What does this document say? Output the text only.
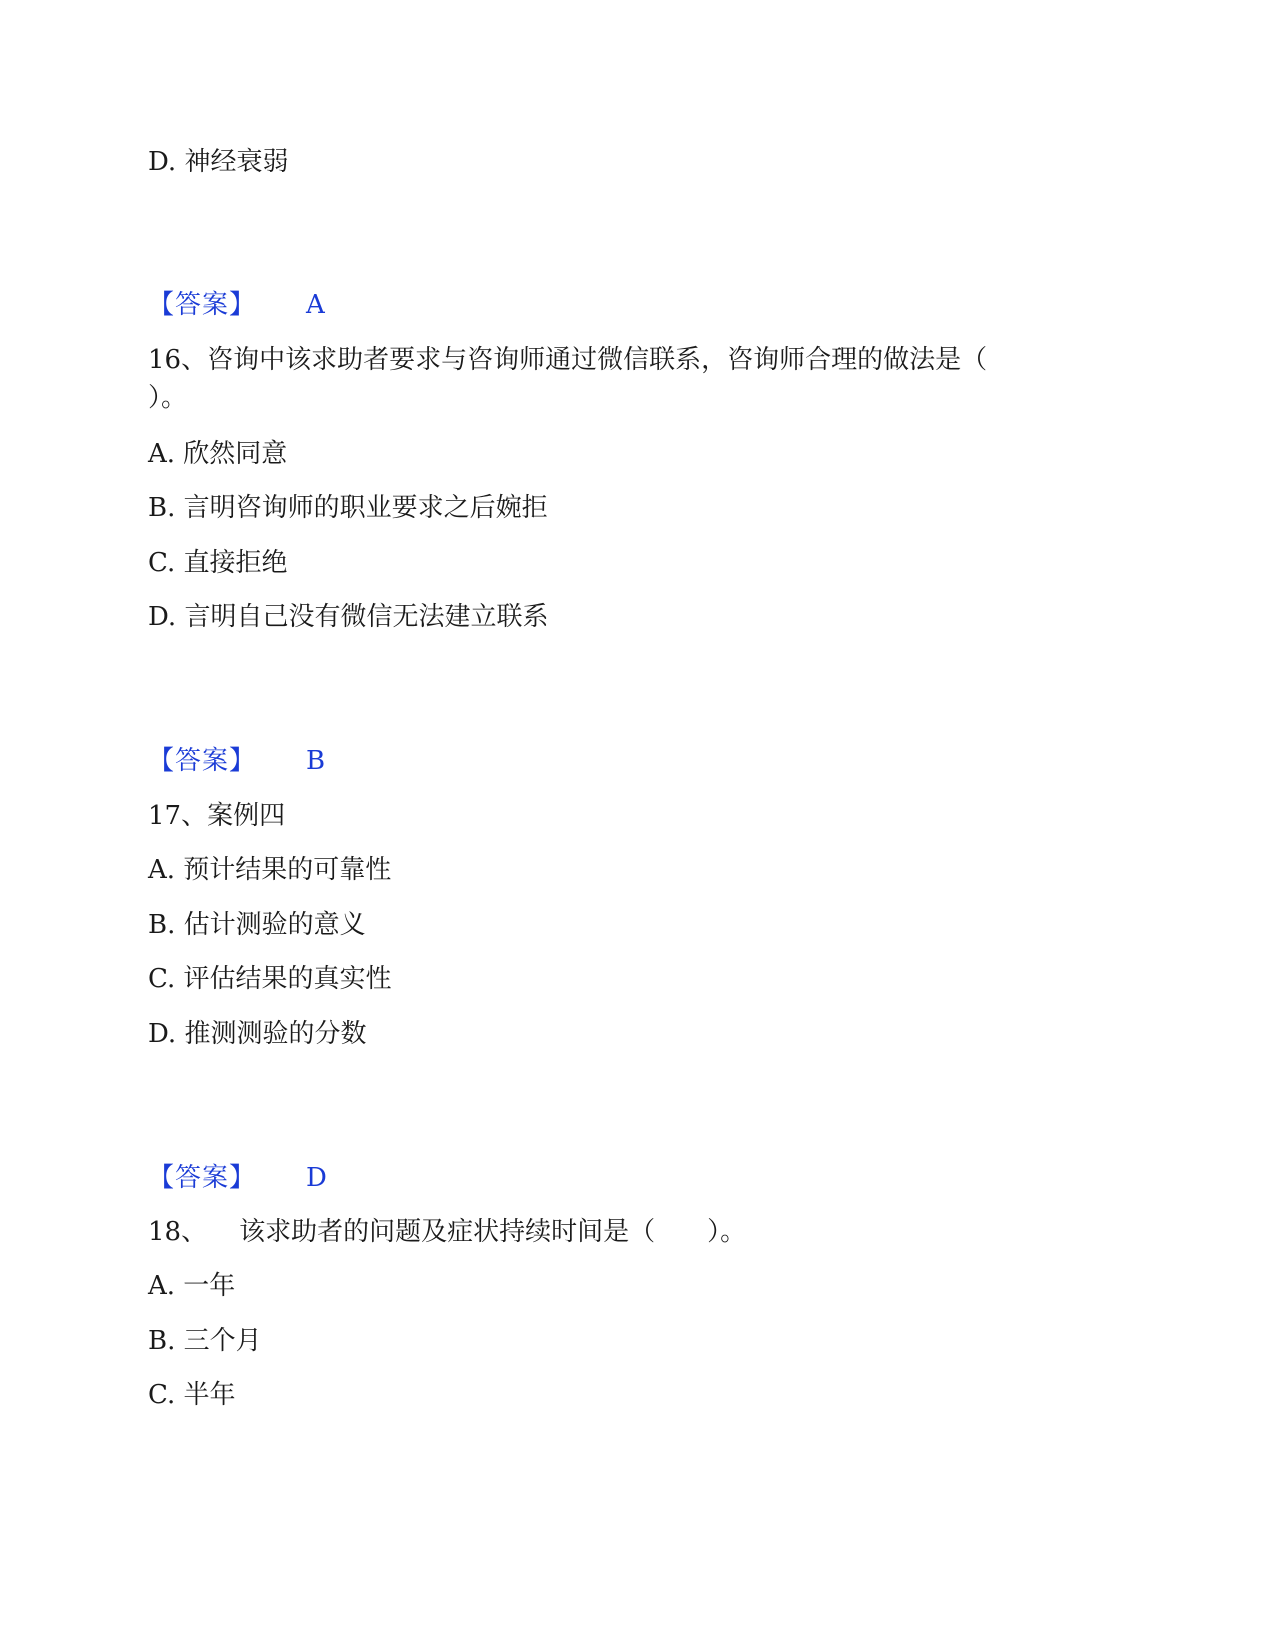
D. 神经衰弱
【答案】 A
16、咨询中该求助者要求与咨询师通过微信联系，咨询师合理的做法是（
）。
A. 欣然同意
B. 言明咨询师的职业要求之后婉拒
C. 直接拒绝
D. 言明自己没有微信无法建立联系
【答案】 B
17、案例四
A. 预计结果的可靠性
B. 估计测验的意义
C. 评估结果的真实性
D. 推测测验的分数
【答案】 D
18、 该求助者的问题及症状持续时间是（　　）。
A. 一年
B. 三个月
C. 半年
